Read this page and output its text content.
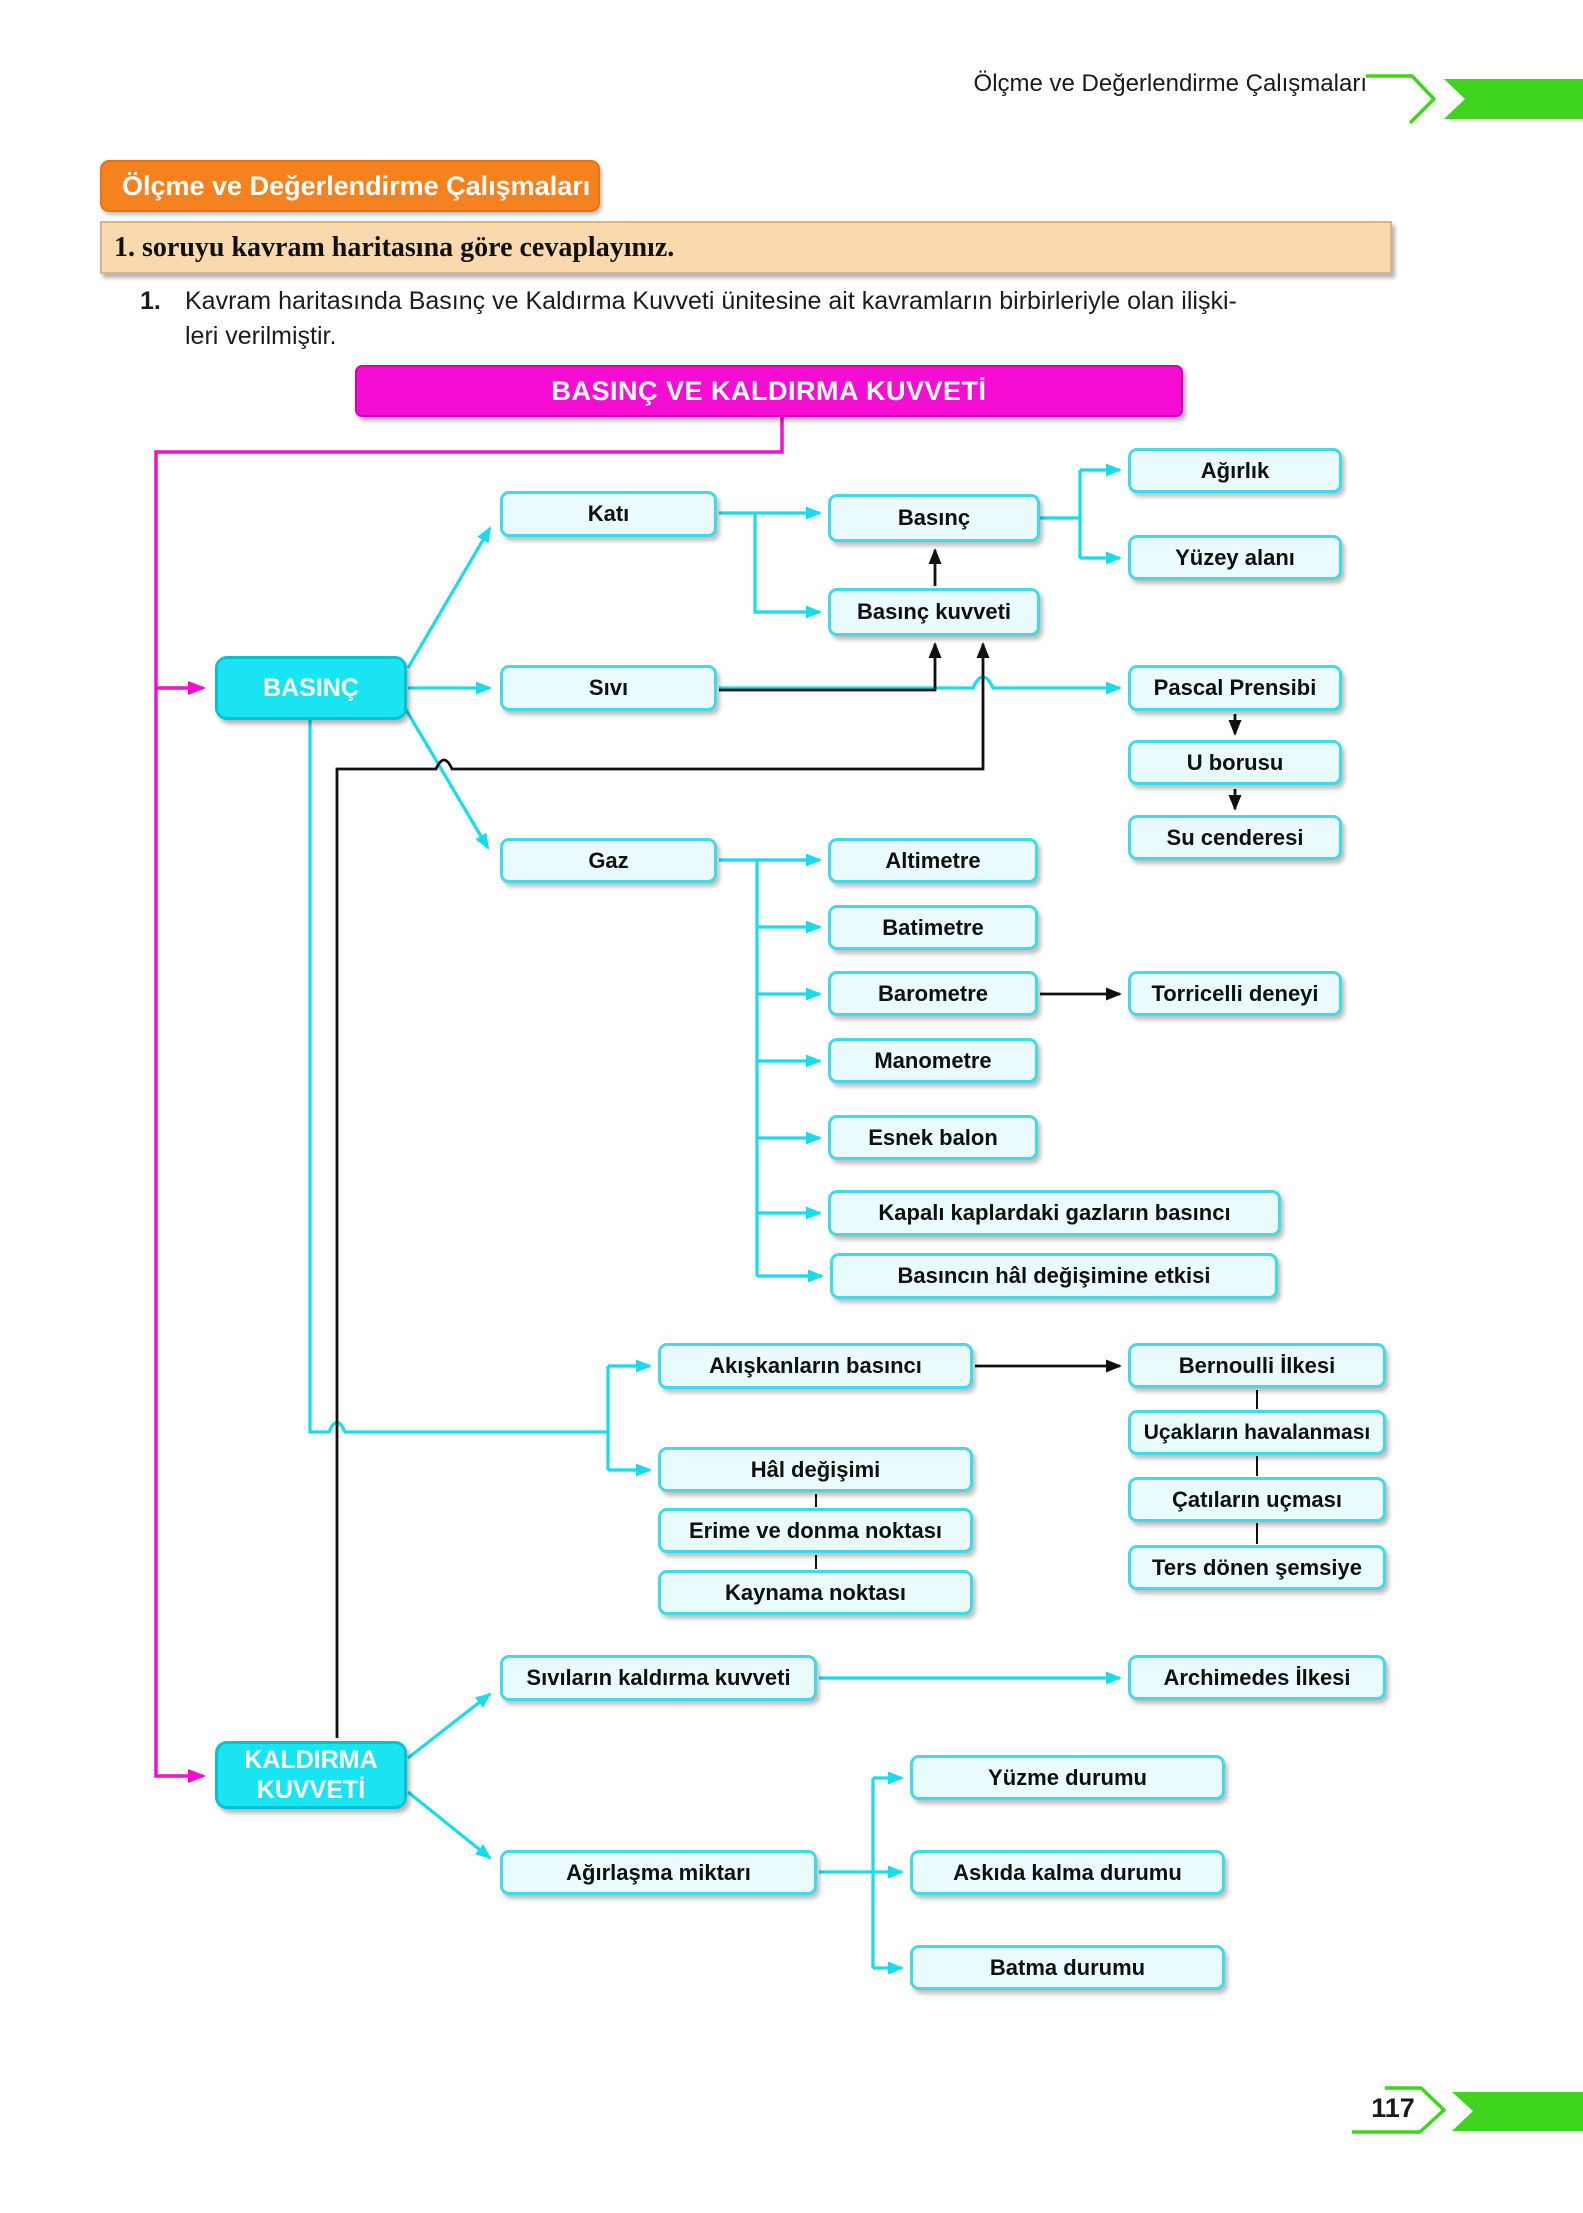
Ölçme ve Değerlendirme Çalışmaları
117
Ölçme ve Değerlendirme Çalışmaları
1. soruyu kavram haritasına göre cevaplayınız.
1. Kavram haritasında Basınç ve Kaldırma Kuvveti ünitesine ait kavramların birbirleriyle olan ilişki-
leri verilmiştir.
BASINÇ VE KALDIRMA KUVVETİ
BASINÇ
KALDIRMA KUVVETİ
Katı	Basınç
Basınç kuvveti
Ağırlık
Yüzey alanı
Sıvı	Pascal Prensibi
U borusu
Su cenderesi
Gaz	Altimetre
Batimetre
Barometre	Torricelli deneyi
Manometre
Esnek balon
Kapalı kaplardaki gazların basıncı
Basıncın hâl değişimine etkisi
Akışkanların basıncı	Bernoulli İlkesi
Uçakların havalanması
Çatıların uçması
Ters dönen şemsiye
Hâl değişimi
Erime ve donma noktası
Kaynama noktası
Sıvıların kaldırma kuvveti	Archimedes İlkesi
Yüzme durumu
Ağırlaşma miktarı	Askıda kalma durumu
Batma durumu
